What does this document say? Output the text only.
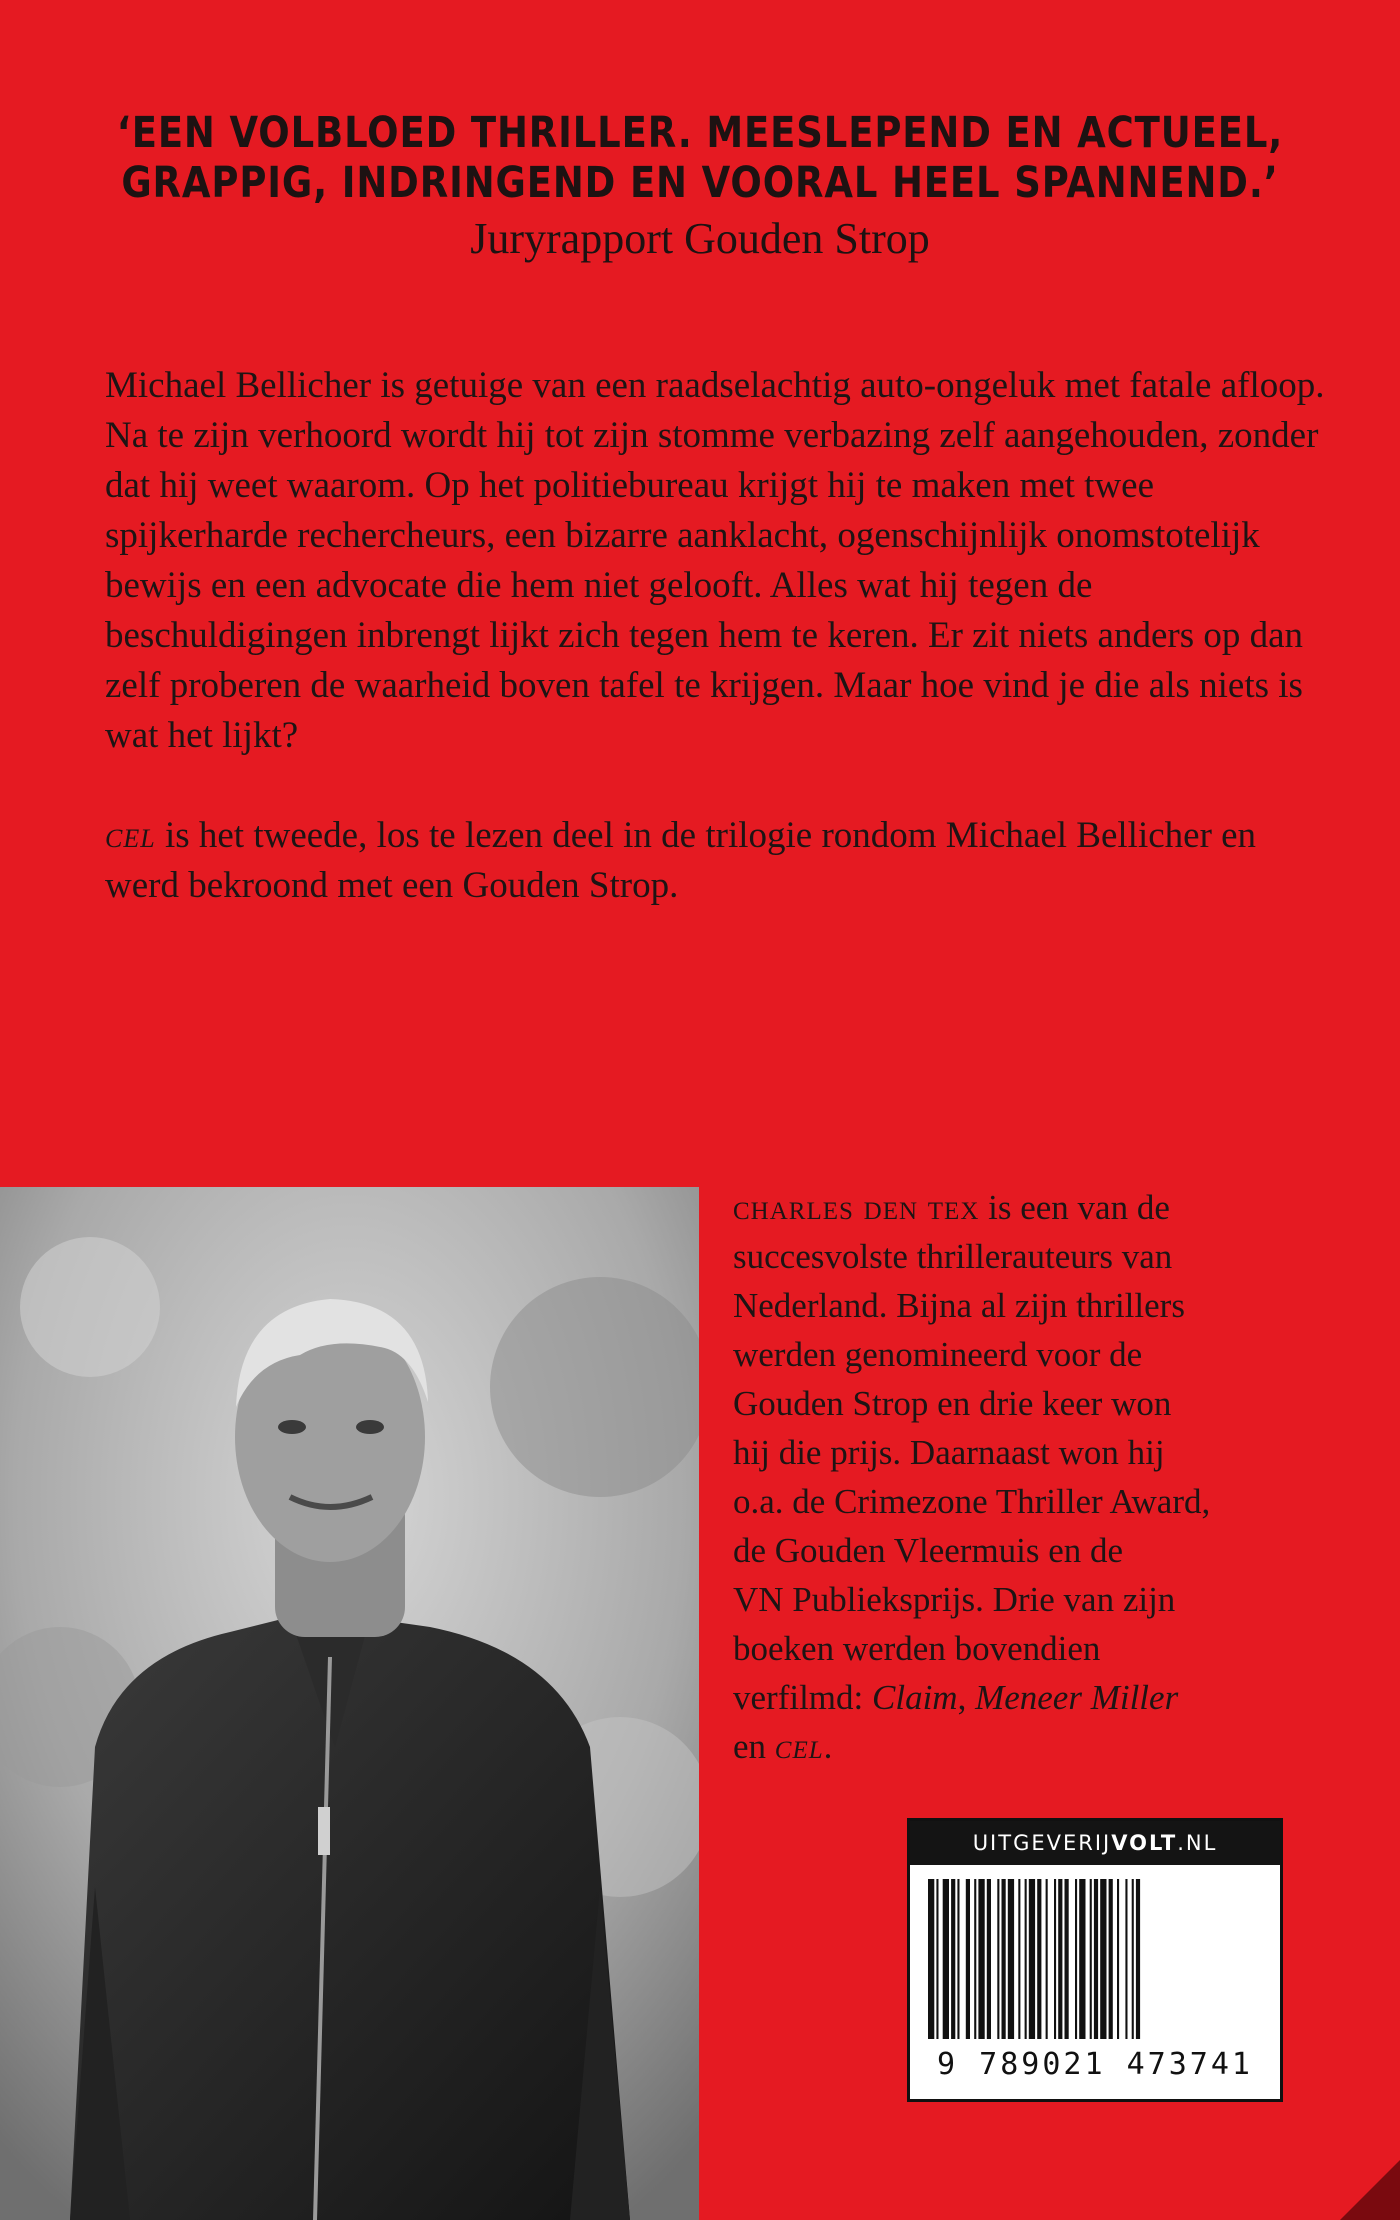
‘EEN VOLBLOED THRILLER. MEESLEPEND EN ACTUEEL,
GRAPPIG, INDRINGEND EN VOORAL HEEL SPANNEND.’
Juryrapport Gouden Strop

Michael Bellicher is getuige van een raadselachtig auto-ongeluk met fatale afloop. Na te zijn verhoord wordt hij tot zijn stomme verbazing zelf aangehouden, zonder dat hij weet waarom. Op het politiebureau krijgt hij te maken met twee spijkerharde rechercheurs, een bizarre aanklacht, ogenschijnlijk onomstotelijk bewijs en een advocate die hem niet gelooft. Alles wat hij tegen de beschuldigingen inbrengt lijkt zich tegen hem te keren. Er zit niets anders op dan zelf proberen de waarheid boven tafel te krijgen. Maar hoe vind je die als niets is wat het lijkt?

cel is het tweede, los te lezen deel in de trilogie rondom Michael Bellicher en werd bekroond met een Gouden Strop.

charles den tex is een van de
succesvolste thrillerauteurs van
Nederland. Bijna al zijn thrillers
werden genomineerd voor de
Gouden Strop en drie keer won
hij die prijs. Daarnaast won hij
o.a. de Crimezone Thriller Award,
de Gouden Vleermuis en de
VN Publieksprijs. Drie van zijn
boeken werden bovendien
verfilmd: Claim, Meneer Miller
en cel.
UITGEVERIJVOLT.NL
9 789021 473741
